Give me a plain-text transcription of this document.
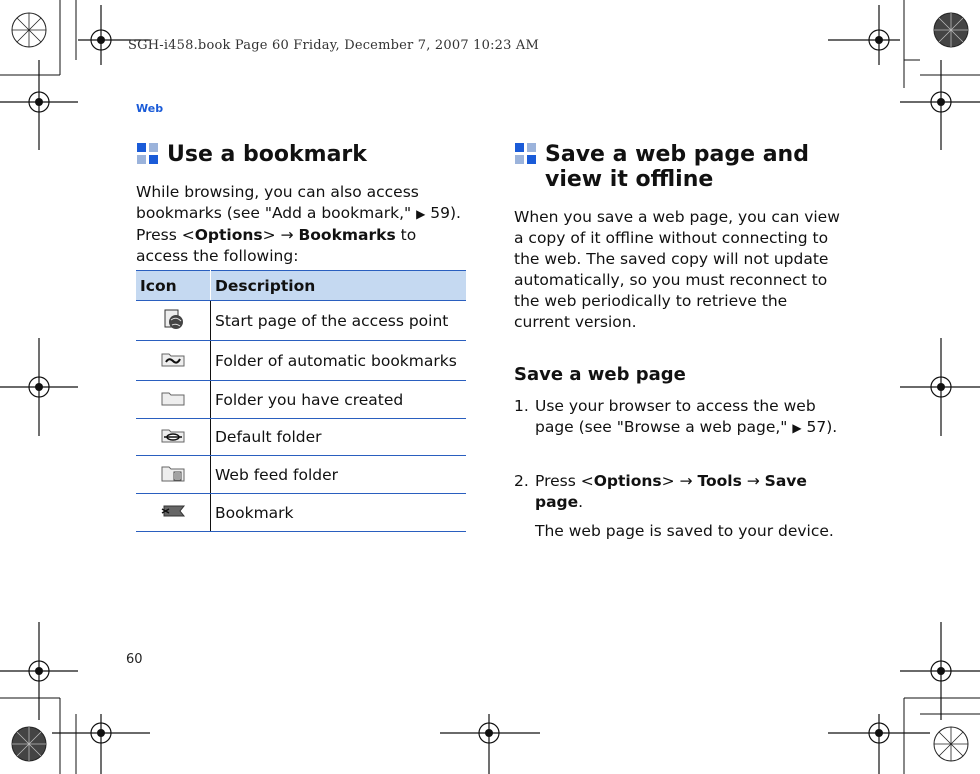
SGH-i458.book Page 60 Friday, December 7, 2007 10:23 AM
Web
Use a bookmark
While browsing, you can also access bookmarks (see "Add a bookmark," ▶ 59). Press <Options> → Bookmarks to access the following:
Icon	Description
	Start page of the access point
	Folder of automatic bookmarks
	Folder you have created
	Default folder
	Web feed folder
	Bookmark
Save a web page and
view it offline
When you save a web page, you can view a copy of it offline without connecting to the web. The saved copy will not update automatically, so you must reconnect to the web periodically to retrieve the current version.
Save a web page
1. Use your browser to access the web page (see "Browse a web page," ▶ 57).
2. Press <Options> → Tools → Save page.
The web page is saved to your device.
60
